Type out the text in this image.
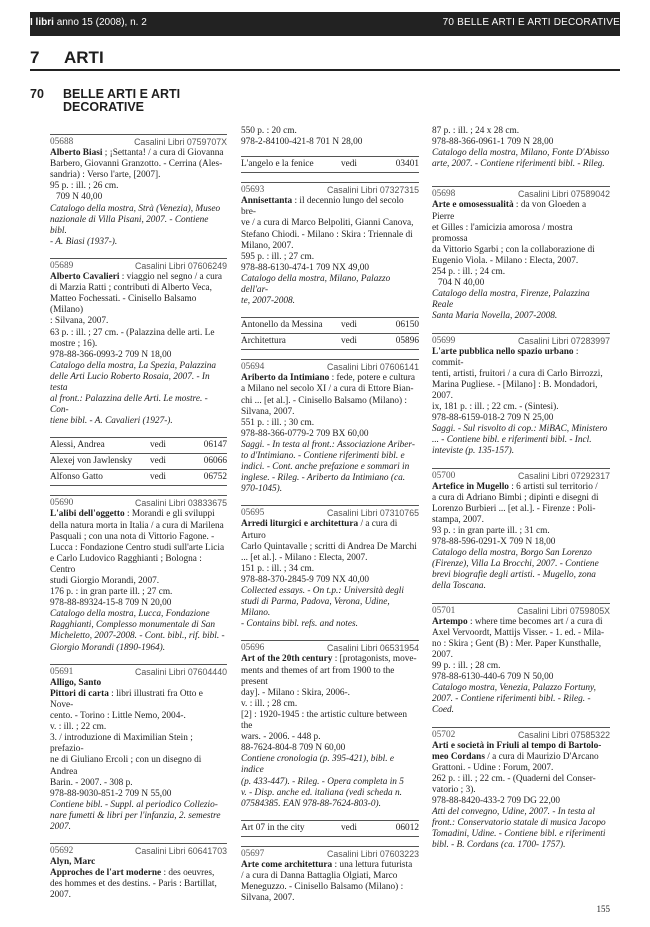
I libri anno 15 (2008), n. 2	70 BELLE ARTI E ARTI DECORATIVE
7 ARTI
70 BELLE ARTI E ARTI DECORATIVE
05688	Casalini Libri 0759707X

Alberto Biasi ; ¡Settanta! / a cura di Giovanna

Barbero, Giovanni Granzotto. - Cerrina (Ales-

sandria) : Verso l'arte, [2007].

95 p. : ill. ; 26 cm.

709 N 40,00

Catalogo della mostra, Strà (Venezia), Museo

nazionale di Villa Pisani, 2007. - Contiene bibl.

- A. Biasi (1937-).

05689	Casalini Libri 07606249

Alberto Cavalieri : viaggio nel segno / a cura

di Marzia Ratti ; contributi di Alberto Veca,

Matteo Fochessati. - Cinisello Balsamo (Milano)

: Silvana, 2007.

63 p. : ill. ; 27 cm. - (Palazzina delle arti. Le

mostre ; 16).

978-88-366-0993-2 709 N 18,00

Catalogo della mostra, La Spezia, Palazzina

delle Arti Lucio Roberto Rosaia, 2007. - In testa

al front.: Palazzina delle Arti. Le mostre. - Con-

tiene bibl. - A. Cavalieri (1927-).

Alessi, Andrea	vedi	06147
Alexej von Jawlensky	vedi	06066
Alfonso Gatto	vedi	06752
05690	Casalini Libri 03833675

L'alibi dell'oggetto : Morandi e gli sviluppi

della natura morta in Italia / a cura di Marilena

Pasquali ; con una nota di Vittorio Fagone. -

Lucca : Fondazione Centro studi sull'arte Licia

e Carlo Ludovico Ragghianti ; Bologna : Centro

studi Giorgio Morandi, 2007.

176 p. : in gran parte ill. ; 27 cm.

978-88-89324-15-8 709 N 20,00

Catalogo della mostra, Lucca, Fondazione

Ragghianti, Complesso monumentale di San

Micheletto, 2007-2008. - Cont. bibl., rif. bibl. -

Giorgio Morandi (1890-1964).

05691	Casalini Libri 07604440

Alligo, Santo

Pittori di carta : libri illustrati fra Otto e Nove-

cento. - Torino : Little Nemo, 2004-.

v. : ill. ; 22 cm.

3. / introduzione di Maximilian Stein ; prefazio-

ne di Giuliano Ercoli ; con un disegno di Andrea

Barin. - 2007. - 308 p.

978-88-9030-851-2 709 N 55,00

Contiene bibl. - Suppl. al periodico Collezio-

nare fumetti & libri per l'infanzia, 2. semestre

2007.

05692	Casalini Libri 60641703

Alyn, Marc

Approches de l'art moderne : des oeuvres,

des hommes et des destins. - Paris : Bartillat,

2007.

550 p. : 20 cm.

978-2-84100-421-8 701 N 28,00

L'angelo e la fenice	vedi	03401
05693	Casalini Libri 07327315

Annisettanta : il decennio lungo del secolo bre-

ve / a cura di Marco Belpoliti, Gianni Canova,

Stefano Chiodi. - Milano : Skira : Triennale di

Milano, 2007.

595 p. : ill. ; 27 cm.

978-88-6130-474-1 709 NX 49,00

Catalogo della mostra, Milano, Palazzo dell'ar-

te, 2007-2008.

Antonello da Messina	vedi	06150
Architettura	vedi	05896
05694	Casalini Libri 07606141

Ariberto da Intimiano : fede, potere e cultura

a Milano nel secolo XI / a cura di Ettore Bian-

chi ... [et al.]. - Cinisello Balsamo (Milano) :

Silvana, 2007.

551 p. : ill. ; 30 cm.

978-88-366-0779-2 709 BX 60,00

Saggi. - In testa al front.: Associazione Ariber-

to d'Intimiano. - Contiene riferimenti bibl. e

indici. - Cont. anche prefazione e sommari in

inglese. - Rileg. - Ariberto da Intimiano (ca.

970-1045).

05695	Casalini Libri 07310765

Arredi liturgici e architettura / a cura di Arturo

Carlo Quintavalle ; scritti di Andrea De Marchi

... [et al.]. - Milano : Electa, 2007.

151 p. : ill. ; 34 cm.

978-88-370-2845-9 709 NX 40,00

Collected essays. - On t.p.: Università degli

studi di Parma, Padova, Verona, Udine, Milano.

- Contains bibl. refs. and notes.

05696	Casalini Libri 06531954

Art of the 20th century : [protagonists, move-

ments and themes of art from 1900 to the present

day]. - Milano : Skira, 2006-.

v. : ill. ; 28 cm.

[2] : 1920-1945 : the artistic culture between the

wars. - 2006. - 448 p.

88-7624-804-8 709 N 60,00

Contiene cronologia (p. 395-421), bibl. e indice

(p. 433-447). - Rileg. - Opera completa in 5

v. - Disp. anche ed. italiana (vedi scheda n.

07584385. EAN 978-88-7624-803-0).

Art 07 in the city	vedi	06012
05697	Casalini Libri 07603223

Arte come architettura : una lettura futurista

/ a cura di Danna Battaglia Olgiati, Marco

Meneguzzo. - Cinisello Balsamo (Milano) :

Silvana, 2007.

87 p. : ill. ; 24 x 28 cm.

978-88-366-0961-1 709 N 28,00

Catalogo della mostra, Milano, Fonte D'Abisso

arte, 2007. - Contiene riferimenti bibl. - Rileg.

05698	Casalini Libri 07589042

Arte e omosessualità : da von Gloeden a Pierre

et Gilles : l'amicizia amorosa / mostra promossa

da Vittorio Sgarbi ; con la collaborazione di

Eugenio Viola. - Milano : Electa, 2007.

254 p. : ill. ; 24 cm.

704 N 40,00

Catalogo della mostra, Firenze, Palazzina Reale

Santa Maria Novella, 2007-2008.

05699	Casalini Libri 07283997

L'arte pubblica nello spazio urbano : commit-

tenti, artisti, fruitori / a cura di Carlo Birrozzi,

Marina Pugliese. - [Milano] : B. Mondadori,

2007.

ix, 181 p. : ill. ; 22 cm. - (Sintesi).

978-88-6159-018-2 709 N 25,00

Saggi. - Sul risvolto di cop.: MiBAC, Ministero

... - Contiene bibl. e riferimenti bibl. - Incl.

inteviste (p. 135-157).

05700	Casalini Libri 07292317

Artefice in Mugello : 6 artisti sul territorio /

a cura di Adriano Bimbi ; dipinti e disegni di

Lorenzo Burbieri ... [et al.]. - Firenze : Poli-

stampa, 2007.

93 p. : in gran parte ill. ; 31 cm.

978-88-596-0291-X 709 N 18,00

Catalogo della mostra, Borgo San Lorenzo

(Firenze), Villa La Brocchi, 2007. - Contiene

brevi biografie degli artisti. - Mugello, zona

della Toscana.

05701	Casalini Libri 0759805X

Artempo : where time becomes art / a cura di

Axel Vervoordt, Mattijs Visser. - 1. ed. - Mila-

no : Skira ; Gent (B) : Mer. Paper Kunsthalle,

2007.

99 p. : ill. ; 28 cm.

978-88-6130-440-6 709 N 50,00

Catalogo mostra, Venezia, Palazzo Fortuny,

2007. - Contiene riferimenti bibl. - Rileg. -

Coed.

05702	Casalini Libri 07585322

Arti e società in Friuli al tempo di Bartolo-

meo Cordans / a cura di Maurizio D'Arcano

Grattoni. - Udine : Forum, 2007.

262 p. : ill. ; 22 cm. - (Quaderni del Conser-

vatorio ; 3).

978-88-8420-433-2 709 DG 22,00

Atti del convegno, Udine, 2007. - In testa al

front.: Conservatorio statale di musica Jacopo

Tomadini, Udine. - Contiene bibl. e riferimenti

bibl. - B. Cordans (ca. 1700- 1757).

155
